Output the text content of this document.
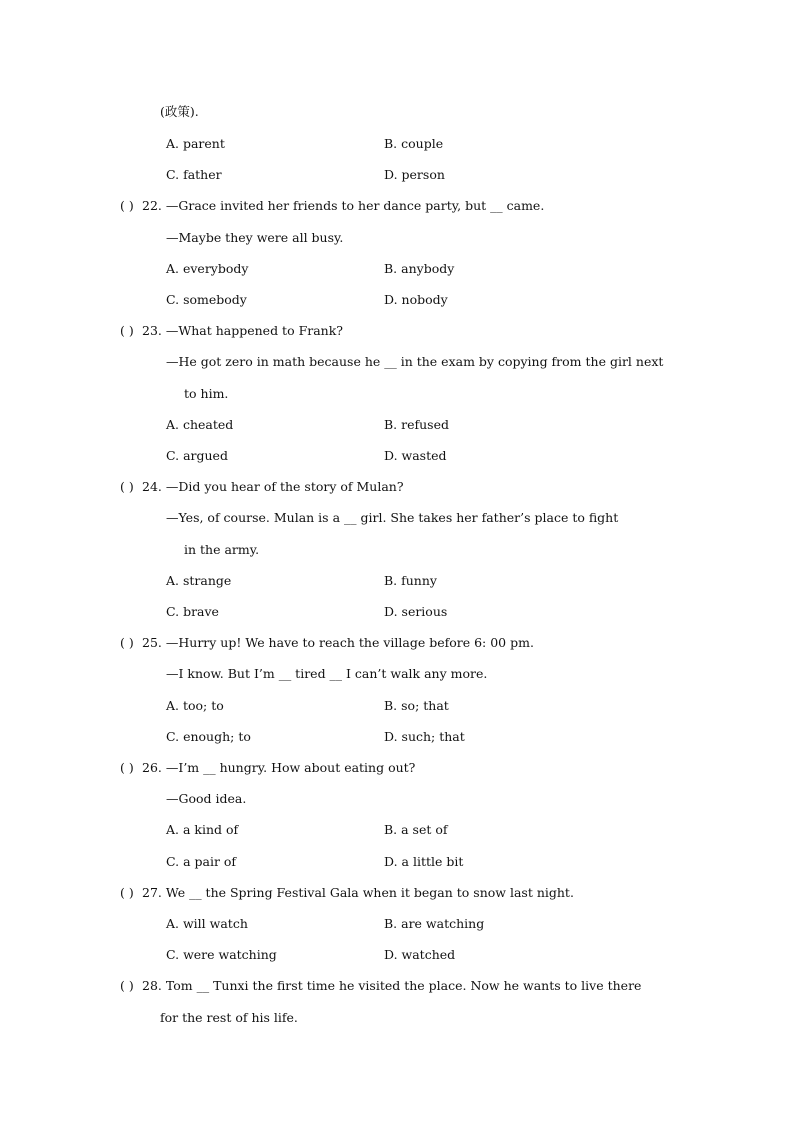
(政策).
A. parent	B. couple
C. father	D. person
( ) 22. —Grace invited her friends to her dance party, but __ came.
—Maybe they were all busy.
A. everybody	B. anybody
C. somebody	D. nobody
( ) 23. —What happened to Frank?
—He got zero in math because he __ in the exam by copying from the girl next
to him.
A. cheated	B. refused
C. argued	D. wasted
( ) 24. —Did you hear of the story of Mulan?
—Yes, of course. Mulan is a __ girl. She takes her father’s place to fight
in the army.
A. strange	B. funny
C. brave	D. serious
( ) 25. —Hurry up! We have to reach the village before 6: 00 pm.
—I know. But I’m __ tired __ I can’t walk any more.
A. too; to	B. so; that
C. enough; to	D. such; that
( ) 26. —I’m __ hungry. How about eating out?
—Good idea.
A. a kind of	B. a set of
C. a pair of	D. a little bit
( ) 27. We __ the Spring Festival Gala when it began to snow last night.
A. will watch	B. are watching
C. were watching	D. watched
( ) 28. Tom __ Tunxi the first time he visited the place. Now he wants to live there
for the rest of his life.
